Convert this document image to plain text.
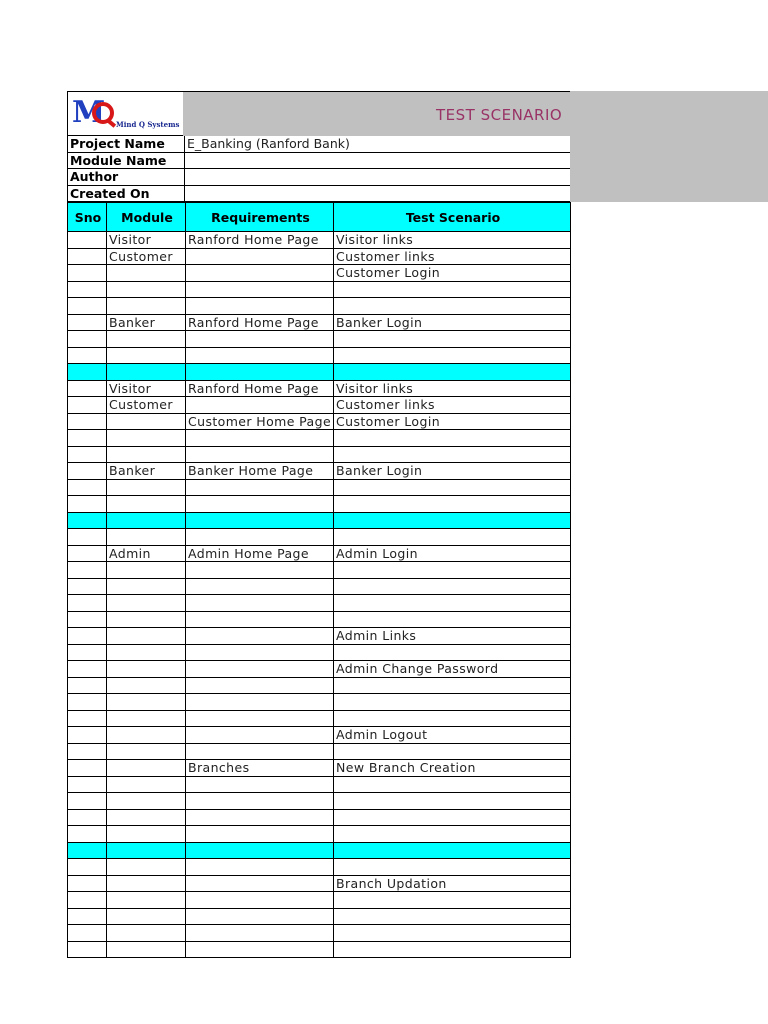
M Mind Q Systems
TEST SCENARIO
Project Name	E_Banking (Ranford Bank)
Module Name
Author
Created On
Sno	Module	Requirements	Test Scenario
	Visitor	Ranford Home Page	Visitor links
	Customer		Customer links
			Customer Login

	Banker	Ranford Home Page	Banker Login

	Visitor	Ranford Home Page	Visitor links
	Customer		Customer links
		Customer Home Page	Customer Login

	Banker	Banker Home Page	Banker Login

	Admin	Admin Home Page	Admin Login

			Admin Links

			Admin Change Password

			Admin Logout

		Branches	New Branch Creation

			Branch Updation
